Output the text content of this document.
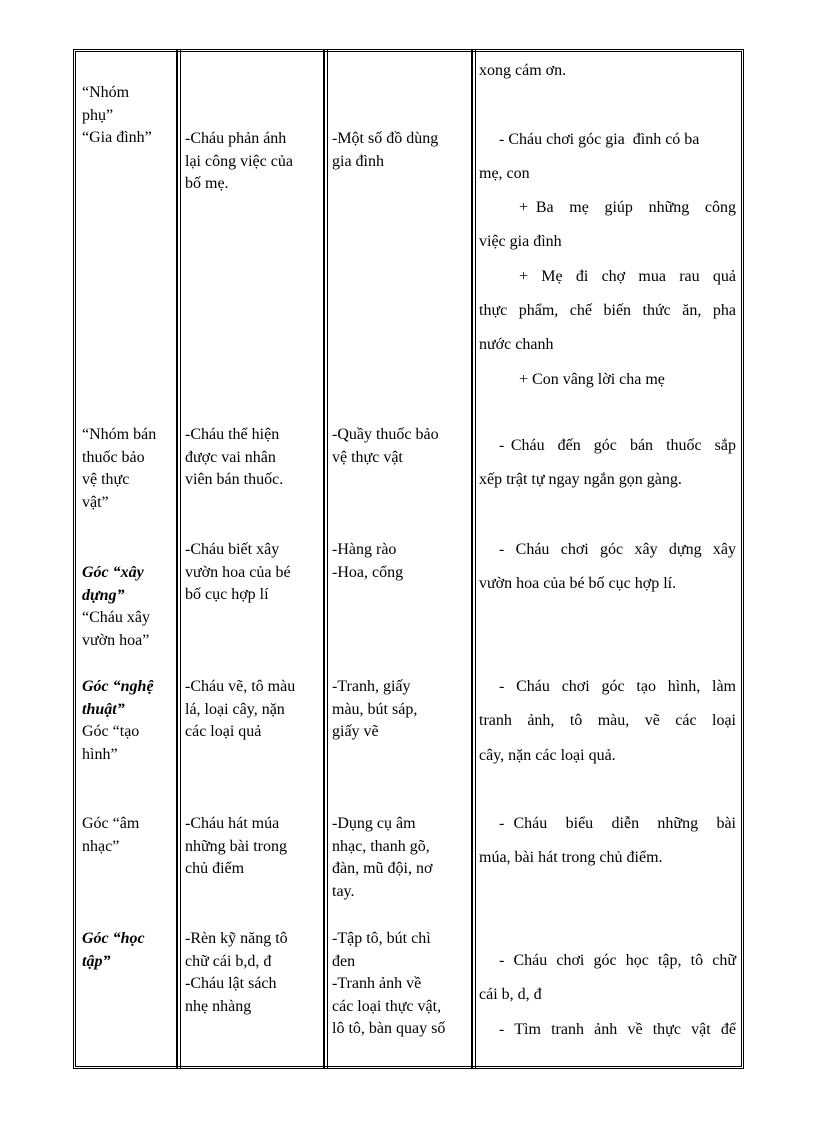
“Nhóm
phụ”
“Gia đình”	-Cháu phản ánh
lại công việc của
bố mẹ.
-Một số đồ dùng
gia đình
xong cám ơn.

- Cháu chơi góc gia  đình có ba
mẹ, con
+ Ba  mẹ  giúp  những  công
việc gia đình
+  Mẹ  đi  chợ  mua  rau  quả
thực phẩm, chế biến thức ăn, pha
nước chanh
+ Con vâng lời cha mẹ
“Nhóm bán
thuốc bảo
vệ thực
vật”
-Cháu thể hiện
được vai nhân
viên bán thuốc.
-Quầy thuốc bảo
vệ thực vật
- Cháu  đến  góc  bán  thuốc  sắp
xếp trật tự ngay ngắn gọn gàng.
Góc “xây
dựng”
“Cháu xây
vườn hoa”
-Cháu biết xây
vườn hoa của bé
bố cục hợp lí
-Hàng rào
-Hoa, cổng
- Cháu chơi góc xây dựng xây
vườn hoa của bé bố cục hợp lí.
Góc “nghệ
thuật”
Góc “tạo
hình”
-Cháu vẽ, tô màu
lá, loại cây, nặn
các loại quả
-Tranh, giấy
màu, bút sáp,
giấy vẽ
- Cháu chơi góc tạo hình, làm
tranh  ảnh,  tô  màu,  vẽ  các  loại
cây, nặn các loại quả.
Góc “âm
nhạc”
-Cháu hát múa
những bài trong
chủ điểm
-Dụng cụ âm
nhạc, thanh gõ,
đàn, mũ đội, nơ
tay.
- Cháu  biểu  diễn  những  bài
múa, bài hát trong chủ điểm.
Góc “học
tập”
-Rèn kỹ năng tô
chữ cái b,d, đ
-Cháu lật sách
nhẹ nhàng
-Tập tô, bút chì
đen
-Tranh ảnh về
các loại thực vật,
lô tô, bàn quay số
- Cháu chơi góc học tập, tô chữ
cái b, d, đ
- Tìm tranh ảnh về thực vật để
